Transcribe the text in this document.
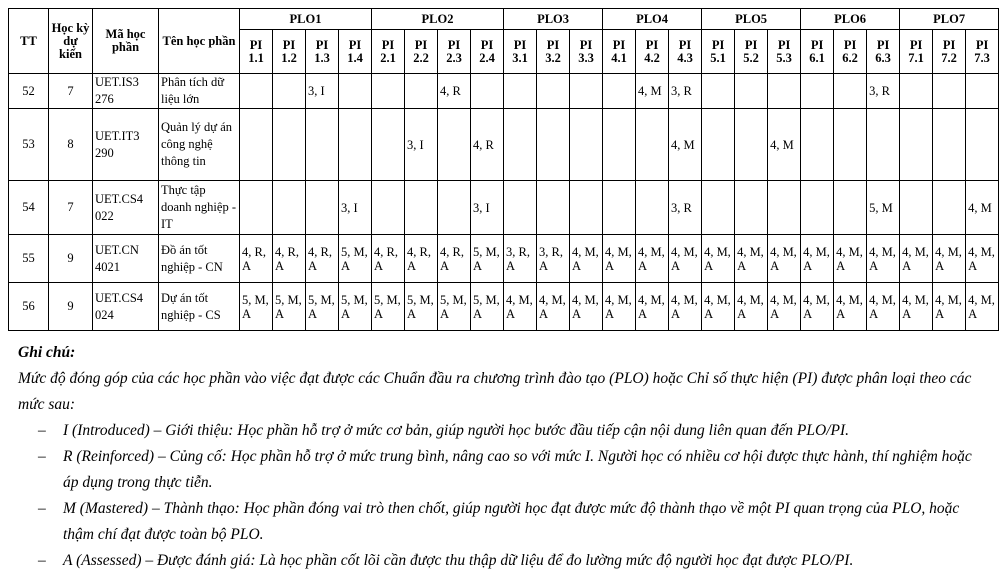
TT	Học kỳ dự kiến	Mã học phần	Tên học phần	PLO1				PLO2				PLO3			PLO4			PLO5			PLO6			PLO7		
				PI 1.1	PI 1.2	PI 1.3	PI 1.4	PI 2.1	PI 2.2	PI 2.3	PI 2.4	PI 3.1	PI 3.2	PI 3.3	PI 4.1	PI 4.2	PI 4.3	PI 5.1	PI 5.2	PI 5.3	PI 6.1	PI 6.2	PI 6.3	PI 7.1	PI 7.2	PI 7.3
52	7	UET.IS3 276	Phân tích dữ liệu lớn			3, I				4, R						4, M	3, R						3, R			
53	8	UET.IT3 290	Quản lý dự án công nghệ thông tin						3, I		4, R						4, M			4, M						
54	7	UET.CS4 022	Thực tập doanh nghiệp - IT				3, I				3, I						3, R						5, M			4, M
55	9	UET.CN 4021	Đồ án tốt nghiệp - CN	4, R, A	4, R, A	4, R, A	5, M, A	4, R, A	4, R, A	4, R, A	5, M, A	3, R, A	3, R, A	4, M, A	4, M, A	4, M, A	4, M, A	4, M, A	4, M, A	4, M, A	4, M, A	4, M, A	4, M, A	4, M, A	4, M, A	4, M, A
56	9	UET.CS4 024	Dự án tốt nghiệp - CS	5, M, A	5, M, A	5, M, A	5, M, A	5, M, A	5, M, A	5, M, A	5, M, A	4, M, A	4, M, A	4, M, A	4, M, A	4, M, A	4, M, A	4, M, A	4, M, A	4, M, A	4, M, A	4, M, A	4, M, A	4, M, A	4, M, A	4, M, A
Ghi chú:
Mức độ đóng góp của các học phần vào việc đạt được các Chuẩn đầu ra chương trình đào tạo (PLO) hoặc Chỉ số thực hiện (PI) được phân loại theo các mức sau:
– I (Introduced) – Giới thiệu: Học phần hỗ trợ ở mức cơ bản, giúp người học bước đầu tiếp cận nội dung liên quan đến PLO/PI.
– R (Reinforced) – Củng cố: Học phần hỗ trợ ở mức trung bình, nâng cao so với mức I. Người học có nhiều cơ hội được thực hành, thí nghiệm hoặc áp dụng trong thực tiễn.
– M (Mastered) – Thành thạo: Học phần đóng vai trò then chốt, giúp người học đạt được mức độ thành thạo về một PI quan trọng của PLO, hoặc thậm chí đạt được toàn bộ PLO.
– A (Assessed) – Được đánh giá: Là học phần cốt lõi cần được thu thập dữ liệu để đo lường mức độ người học đạt được PLO/PI.
